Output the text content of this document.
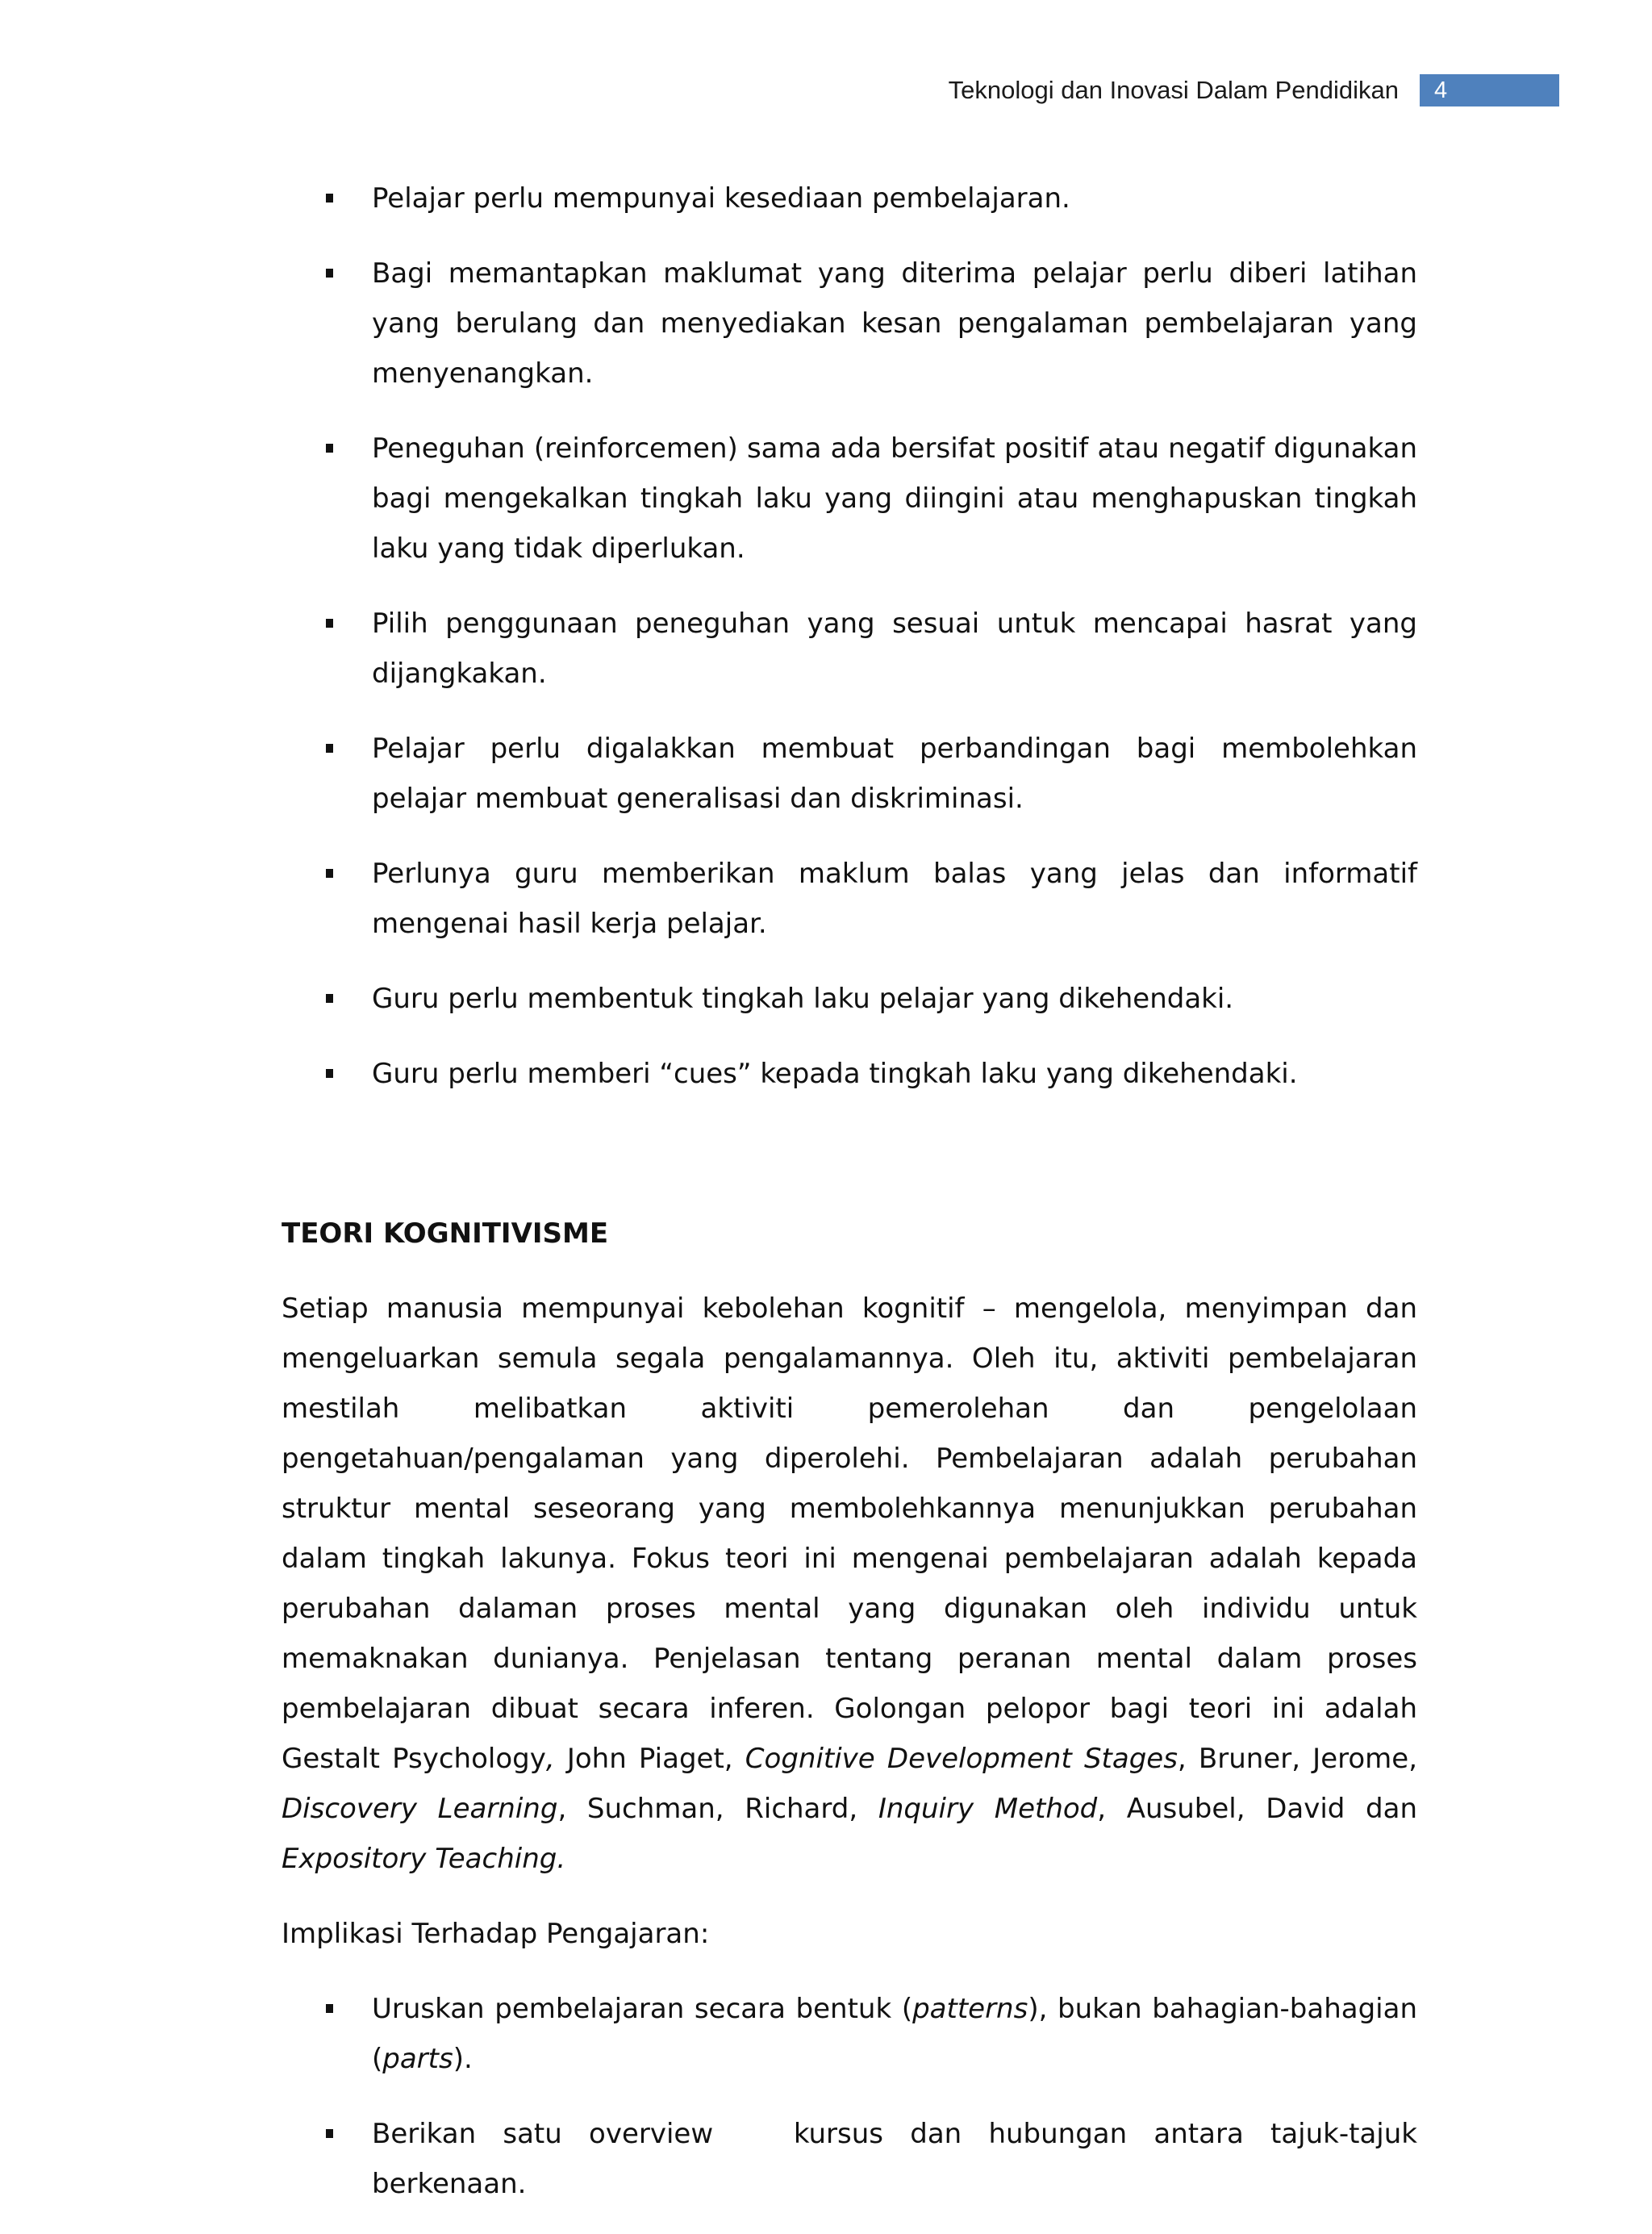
Teknologi dan Inovasi Dalam Pendidikan	4
Pelajar perlu mempunyai kesediaan pembelajaran.
Bagi memantapkan maklumat yang diterima pelajar perlu diberi latihan yang berulang dan menyediakan kesan pengalaman pembelajaran yang menyenangkan.
Peneguhan (reinforcemen) sama ada bersifat positif atau negatif digunakan bagi mengekalkan tingkah laku yang diingini atau menghapuskan tingkah laku yang tidak diperlukan.
Pilih penggunaan peneguhan yang sesuai untuk mencapai hasrat yang dijangkakan.
Pelajar perlu digalakkan membuat perbandingan bagi membolehkan pelajar membuat generalisasi dan diskriminasi.
Perlunya guru memberikan maklum balas yang jelas dan informatif mengenai hasil kerja pelajar.
Guru perlu membentuk tingkah laku pelajar yang dikehendaki.
Guru perlu memberi “cues” kepada tingkah laku yang dikehendaki.
TEORI KOGNITIVISME

Setiap manusia mempunyai kebolehan kognitif – mengelola, menyimpan dan mengeluarkan semula segala pengalamannya. Oleh itu, aktiviti pembelajaran mestilah melibatkan aktiviti pemerolehan dan pengelolaan pengetahuan/pengalaman yang diperolehi. Pembelajaran adalah perubahan struktur mental seseorang yang membolehkannya menunjukkan perubahan dalam tingkah lakunya. Fokus teori ini mengenai pembelajaran adalah kepada perubahan dalaman proses mental yang digunakan oleh individu untuk memaknakan dunianya. Penjelasan tentang peranan mental dalam proses pembelajaran dibuat secara inferen. Golongan pelopor bagi teori ini adalah Gestalt Psychology, John Piaget, Cognitive Development Stages, Bruner, Jerome, Discovery Learning, Suchman, Richard, Inquiry Method, Ausubel, David dan Expository Teaching.

Implikasi Terhadap Pengajaran:

Uruskan pembelajaran secara bentuk (patterns), bukan bahagian-bahagian (parts).
Berikan satu overview   kursus dan hubungan antara tajuk-tajuk berkenaan.
